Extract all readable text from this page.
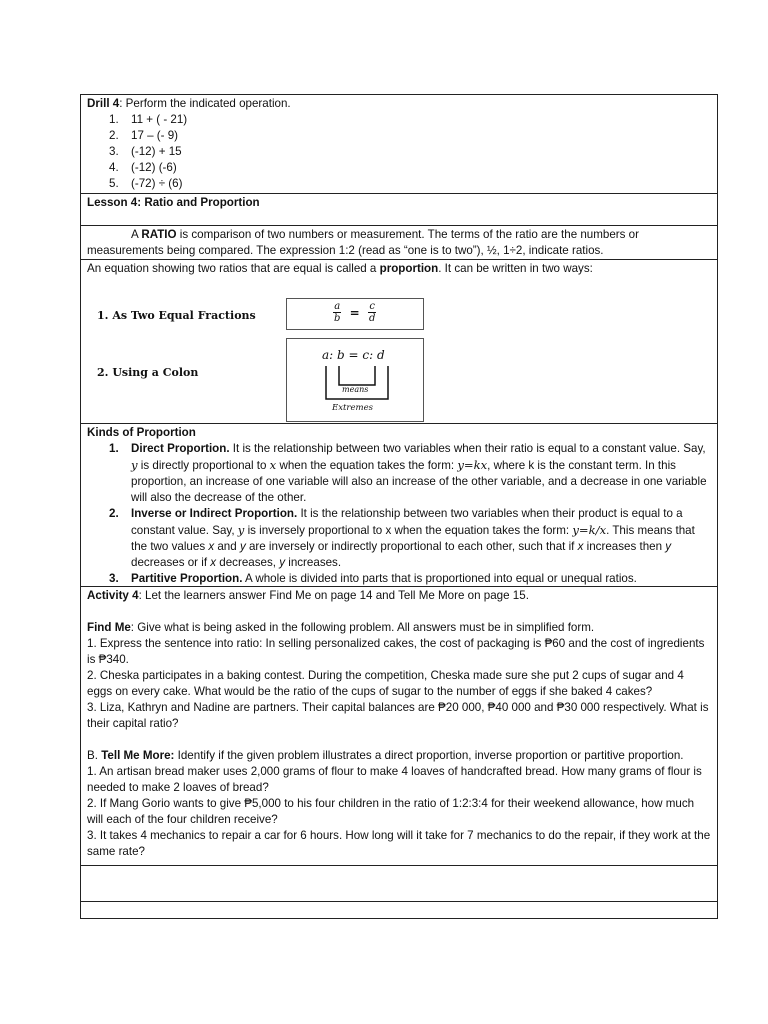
Drill 4: Perform the indicated operation.

1. 11 + ( - 21)
2. 17 – (- 9)
3. (-12) + 15
4. (-12) (-6)
5. (-72) ÷ (6)
Lesson 4: Ratio and Proportion

A RATIO is comparison of two numbers or measurement. The terms of the ratio are the numbers or measurements being compared. The expression 1:2 (read as “one is to two”), ½, 1÷2, indicate ratios.

An equation showing two ratios that are equal is called a proportion. It can be written in two ways:

1. As Two Equal Fractions	$\frac{a}{b} = \frac{c}{d}$
2. Using a Colon
a: b = c: d
means
Extremes

Kinds of Proportion

1. Direct Proportion. It is the relationship between two variables when their ratio is equal to a constant value. Say, y is directly proportional to x when the equation takes the form: y=kx, where k is the constant term. In this proportion, an increase of one variable will also an increase of the other variable, and a decrease in one variable will also the decrease of the other.
2. Inverse or Indirect Proportion. It is the relationship between two variables when their product is equal to a constant value. Say, y is inversely proportional to x when the equation takes the form: y=k/x. This means that the two values x and y are inversely or indirectly proportional to each other, such that if x increases then y decreases or if x decreases, y increases.
3. Partitive Proportion. A whole is divided into parts that is proportioned into equal or unequal ratios.

Activity 4: Let the learners answer Find Me on page 14 and Tell Me More on page 15.

Find Me: Give what is being asked in the following problem. All answers must be in simplified form.

1. Express the sentence into ratio: In selling personalized cakes, the cost of packaging is ₱60 and the cost of ingredients is ₱340.

2. Cheska participates in a baking contest. During the competition, Cheska made sure she put 2 cups of sugar and 4 eggs on every cake. What would be the ratio of the cups of sugar to the number of eggs if she baked 4 cakes?

3. Liza, Kathryn and Nadine are partners. Their capital balances are ₱20 000, ₱40 000 and ₱30 000 respectively. What is their capital ratio?

B. Tell Me More: Identify if the given problem illustrates a direct proportion, inverse proportion or partitive proportion.

1. An artisan bread maker uses 2,000 grams of flour to make 4 loaves of handcrafted bread. How many grams of flour is needed to make 2 loaves of bread?

2. If Mang Gorio wants to give ₱5,000 to his four children in the ratio of 1:2:3:4 for their weekend allowance, how much will each of the four children receive?

3. It takes 4 mechanics to repair a car for 6 hours. How long will it take for 7 mechanics to do the repair, if they work at the same rate?
